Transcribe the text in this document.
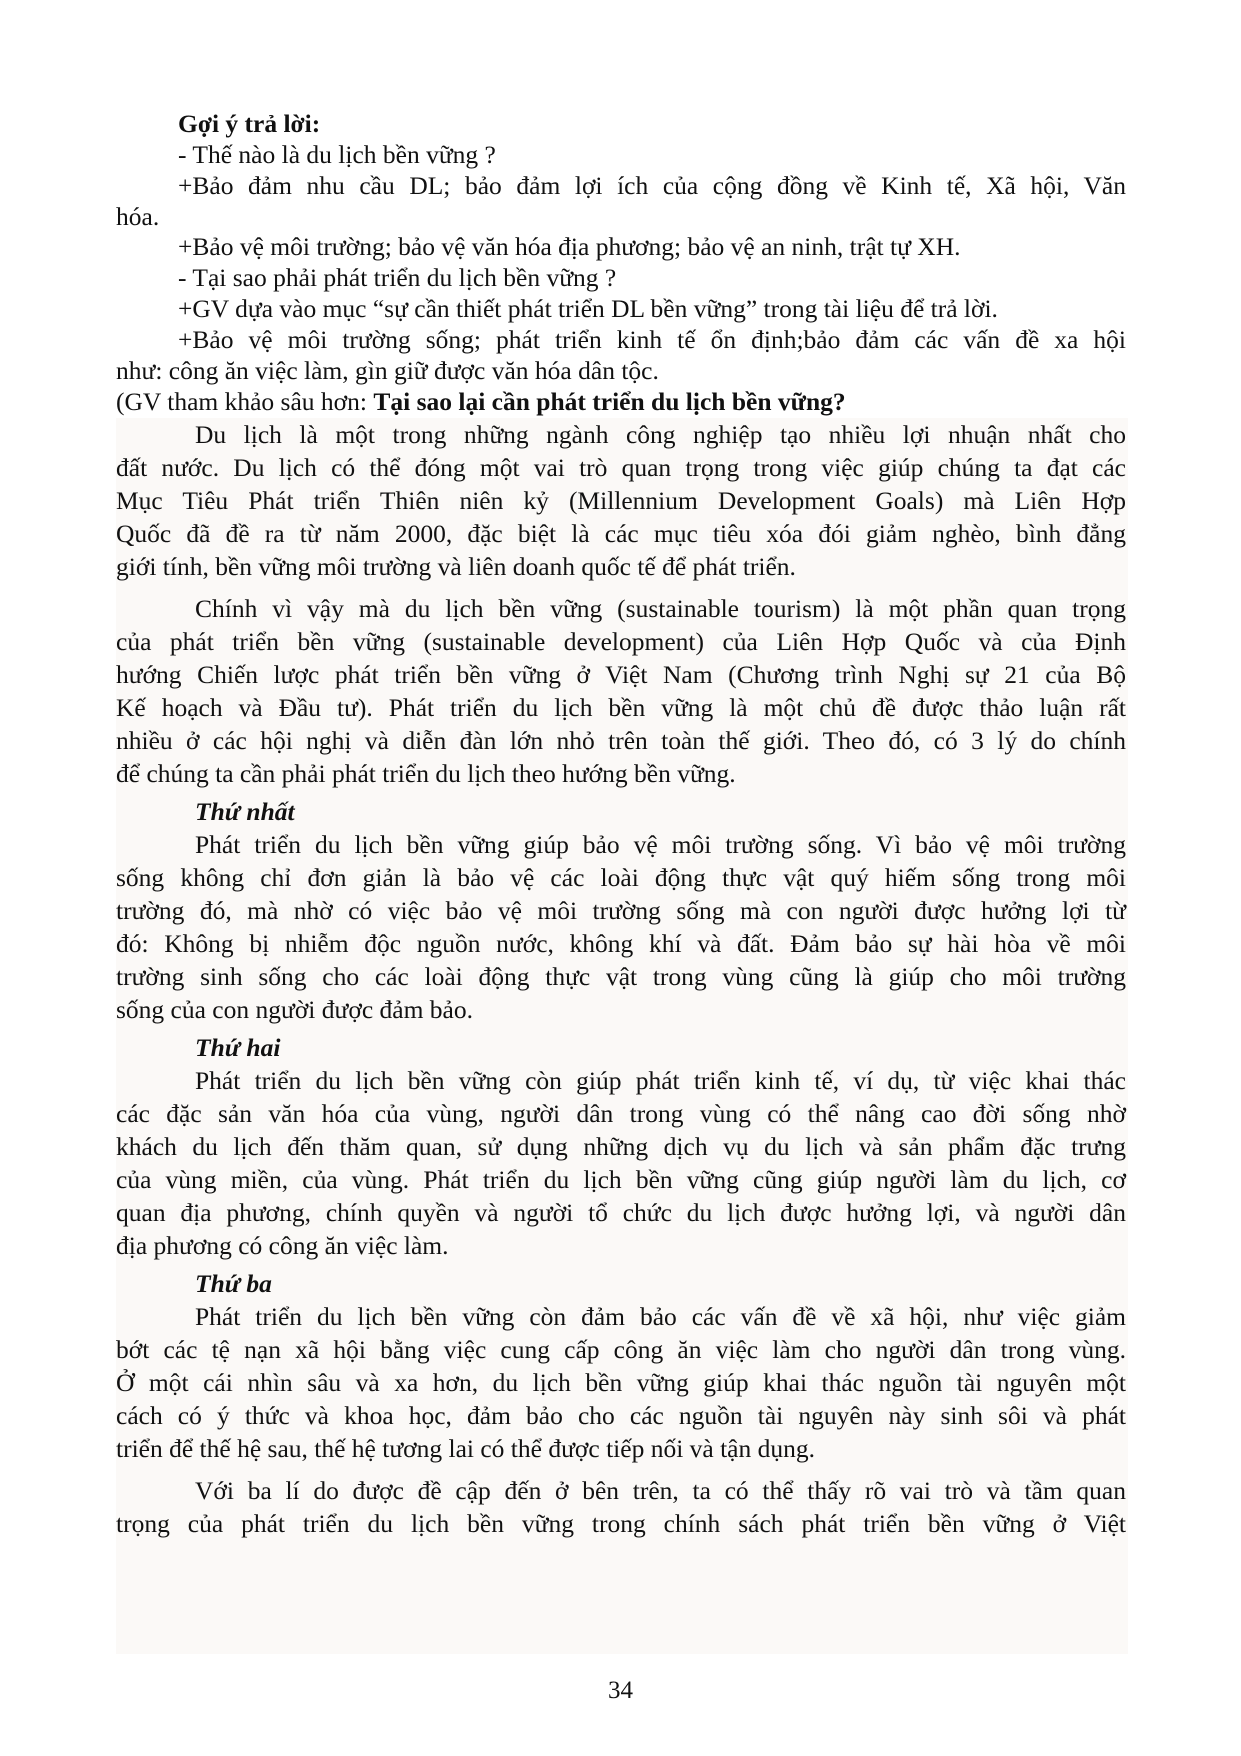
Gợi ý trả lời:

- Thế nào là du lịch bền vững ?

+Bảo đảm nhu cầu DL; bảo đảm lợi ích của cộng đồng về Kinh tế, Xã hội, Văn

hóa.

+Bảo vệ môi trường; bảo vệ văn hóa địa phương; bảo vệ an ninh, trật tự XH.

- Tại sao phải phát triển du lịch bền vững ?

+GV dựa vào mục “sự cần thiết phát triển DL bền vững” trong tài liệu để trả lời.

+Bảo vệ môi trường sống; phát triển kinh tế ổn định;bảo đảm các vấn đề xa hội

như: công ăn việc làm, gìn giữ được văn hóa dân tộc.

(GV tham khảo sâu hơn: Tại sao lại cần phát triển du lịch bền vững?

Du lịch là một trong những ngành công nghiệp tạo nhiều lợi nhuận nhất cho

đất nước. Du lịch có thể đóng một vai trò quan trọng trong việc giúp chúng ta đạt các

Mục Tiêu Phát triển Thiên niên kỷ (Millennium Development Goals) mà Liên Hợp

Quốc đã đề ra từ năm 2000, đặc biệt là các mục tiêu xóa đói giảm nghèo, bình đẳng

giới tính, bền vững môi trường và liên doanh quốc tế để phát triển.

Chính vì vậy mà du lịch bền vững (sustainable tourism) là một phần quan trọng

của phát triển bền vững (sustainable development) của Liên Hợp Quốc và của Định

hướng Chiến lược phát triển bền vững ở Việt Nam (Chương trình Nghị sự 21 của Bộ

Kế hoạch và Đầu tư). Phát triển du lịch bền vững là một chủ đề được thảo luận rất

nhiều ở các hội nghị và diễn đàn lớn nhỏ trên toàn thế giới. Theo đó, có 3 lý do chính

để chúng ta cần phải phát triển du lịch theo hướng bền vững.

Thứ nhất

Phát triển du lịch bền vững giúp bảo vệ môi trường sống. Vì bảo vệ môi trường

sống không chỉ đơn giản là bảo vệ các loài động thực vật quý hiếm sống trong môi

trường đó, mà nhờ có việc bảo vệ môi trường sống mà con người được hưởng lợi từ

đó: Không bị nhiễm độc nguồn nước, không khí và đất. Đảm bảo sự hài hòa về môi

trường sinh sống cho các loài động thực vật trong vùng cũng là giúp cho môi trường

sống của con người được đảm bảo.

Thứ hai

Phát triển du lịch bền vững còn giúp phát triển kinh tế, ví dụ, từ việc khai thác

các đặc sản văn hóa của vùng, người dân trong vùng có thể nâng cao đời sống nhờ

khách du lịch đến thăm quan, sử dụng những dịch vụ du lịch và sản phẩm đặc trưng

của vùng miền, của vùng. Phát triển du lịch bền vững cũng giúp người làm du lịch, cơ

quan địa phương, chính quyền và người tổ chức du lịch được hưởng lợi, và người dân

địa phương có công ăn việc làm.

Thứ ba

Phát triển du lịch bền vững còn đảm bảo các vấn đề về xã hội, như việc giảm

bớt các tệ nạn xã hội bằng việc cung cấp công ăn việc làm cho người dân trong vùng.

Ở một cái nhìn sâu và xa hơn, du lịch bền vững giúp khai thác nguồn tài nguyên một

cách có ý thức và khoa học, đảm bảo cho các nguồn tài nguyên này sinh sôi và phát

triển để thế hệ sau, thế hệ tương lai có thể được tiếp nối và tận dụng.

Với ba lí do được đề cập đến ở bên trên, ta có thể thấy rõ vai trò và tầm quan

trọng của phát triển du lịch bền vững trong chính sách phát triển bền vững ở Việt

34
